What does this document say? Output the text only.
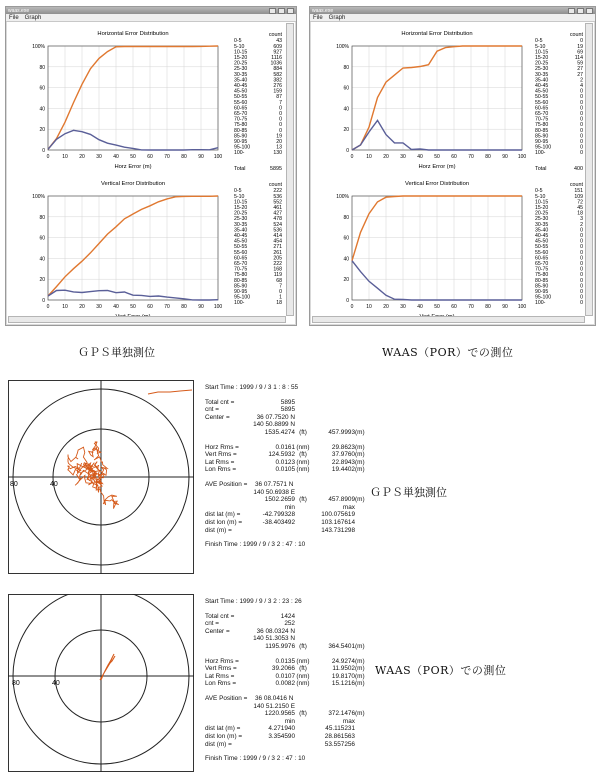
waas.exe
File Graph
Horizontal Error Distribution
0
20
40
60
80
100%
0	10 20 30 40 50 60 70 80 90 100
Horz Error (m)
Vertical Error Distribution
0
20
40
60
80
100%
0	10 20 30 40 50 60 70 80 90 100
count
0-5	43
5-10	609
10-15	927
15-20	1116
20-25	1036
25-30	884
30-35	582
35-40	382
40-45	276
45-50	159
50-55	87
55-60	7
60-65	0
65-70	0
70-75	0
75-80	0
80-85	0
85-90	19
90-95	20
95-100	13
100-	130
Total	5895
count
0-5	222
5-10	536
10-15	552
15-20	461
20-25	427
25-30	478
30-35	524
35-40	536
40-45	414
45-50	454
50-55	271
55-60	261
60-65	205
65-70	222
70-75	168
75-80	119
80-85	68
85-90	7
90-95	0
95-100	1
100-	18
waas.exe
File Graph
Horizontal Error Distribution
0
20
40
60
80
100%
0	10 20 30 40 50 60 70 80 90 100
Horz Error (m)
Vertical Error Distribution
0
20
40
60
80
100%
0	10 20 30 40 50 60 70 80 90 100
count
0-5	0
5-10	19
10-15	69
15-20	114
20-25	59
25-30	27
30-35	27
35-40	2
40-45	4
45-50	0
50-55	0
55-60	0
60-65	0
65-70	0
70-75	0
75-80	0
80-85	0
85-90	0
90-95	0
95-100	0
100-	0
Total	400
count
0-5	151
5-10	109
10-15	72
15-20	45
20-25	18
25-30	3
30-35	2
35-40	0
40-45	0
45-50	0
50-55	0
55-60	0
60-65	0
65-70	0
70-75	0
75-80	0
80-85	0
85-90	0
90-95	0
95-100	0
100-	0
ＧＰＳ単独測位	WAAS（POR）での測位
ＧＰＳ単独測位
WAAS（POR）での測位
80	40
80	40
Start Time : 1999 / 9 / 3 1 : 8 : 55
Total cnt =	5895
cnt =	5895
Center =	36 07.7520 N
140 50.8899 N
1535.4274 (ft)	457.9993 (m)
Horz Rms =	0.0161 (nm)	29.8623 (m)
Vert Rms =	124.5932 (ft)	37.9760 (m)
Lat Rms =	0.0123 (nm)	22.8943 (m)
Lon Rms =	0.0105 (nm)	19.4402 (m)
AVE Position =	36 07.7571 N
140 50.6938 E
1502.2659 (ft)	457.8909 (m)
min	max
dist lat (m) =	-42.799328	100.075619
dist lon (m) =	-38.403492	103.167614
dist (m) =	143.731298
Finish Time : 1999 / 9 / 3 2 : 47 : 10
Start Time : 1999 / 9 / 3 2 : 23 : 26
Total cnt =	1424
cnt =	252
Center =	36 08.0324 N
140 51.3053 N
1195.9976 (ft)	364.5401 (m)
Horz Rms =	0.0135 (nm)	24.9274 (m)
Vert Rms =	39.2066 (ft)	11.9502 (m)
Lat Rms =	0.0107 (nm)	19.8170 (m)
Lon Rms =	0.0082 (nm)	15.1216 (m)
AVE Position =	36 08.0416 N
140 51.2150 E
1220.9565 (ft)	372.1476 (m)
min	max
dist lat (m) =	4.271940	45.115231
dist lon (m) =	3.354590	28.861563
dist (m) =	53.557256
Finish Time : 1999 / 9 / 3 2 : 47 : 10
